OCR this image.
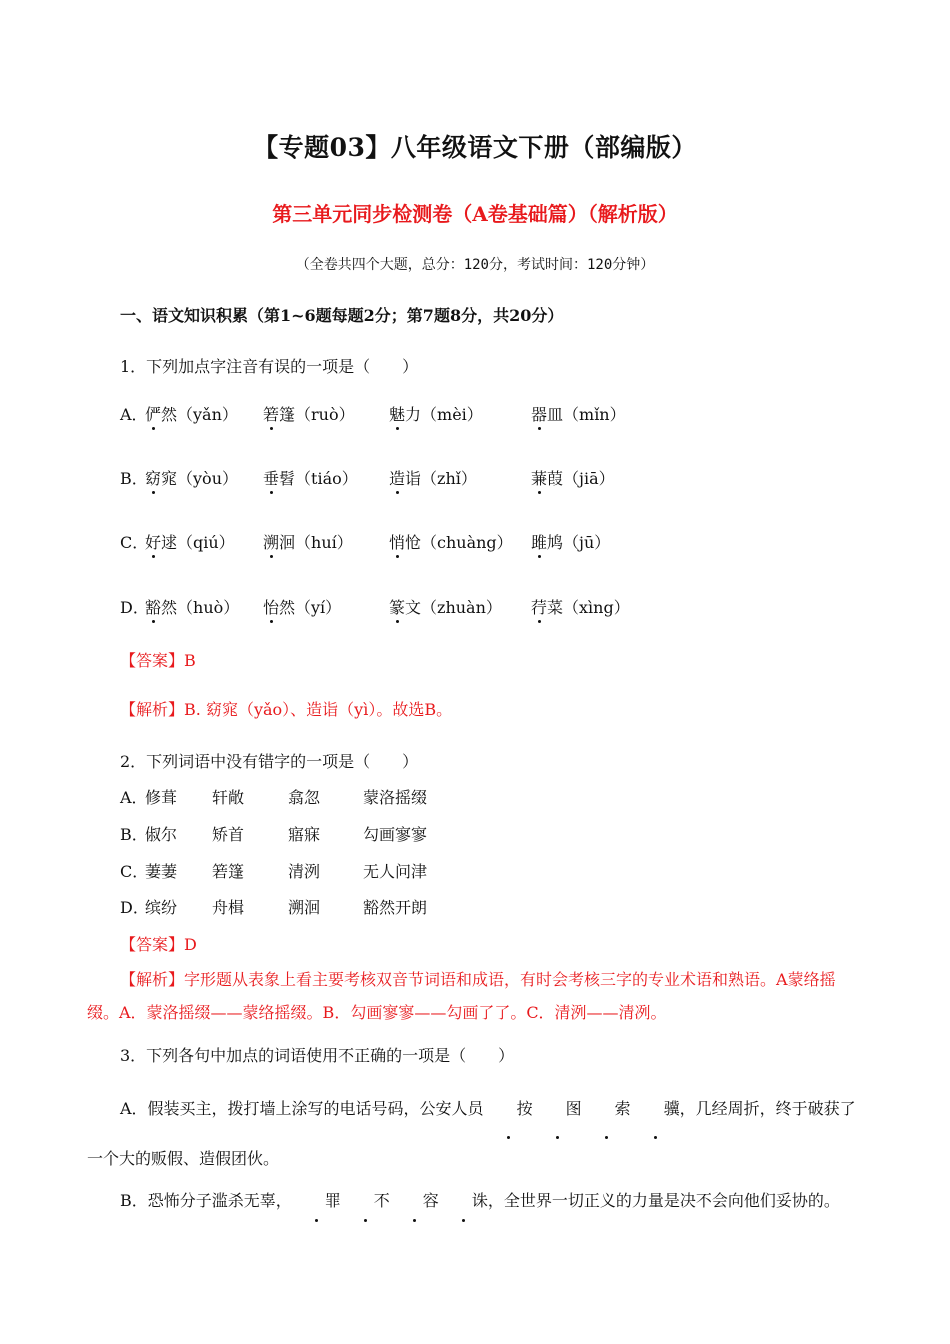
【专题03】八年级语文下册（部编版）
第三单元同步检测卷（A卷基础篇）（解析版）
（全卷共四个大题，总分：120分，考试时间：120分钟）
一、语文知识积累（第1~6题每题2分；第7题8分，共20分）
1．下列加点字注音有误的一项是（　　）
A．
俨然（yǎn） 箬篷（ruò） 魅力（mèi）	器皿（mǐn）
B．
窈窕（yòu） 垂髫（tiáo） 造诣（zhǐ）	蒹葭（jiā）
C．
好逑（qiú） 溯洄（huí） 悄怆（chuàng） 雎鸠（jū）
D．
豁然（huò） 怡然（yí）	篆文（zhuàn） 荇菜（xìng）
【答案】B
【解析】B. 窈窕（yǎo）、造诣（yì）。故选B。
2．下列词语中没有错字的一项是（　　）
A．
修葺 轩敞	翕忽	蒙洛摇缀
B．
俶尔 矫首	寤寐	勾画寥寥
C．
萋萋 箬篷	清洌	无人问津
D．
缤纷 舟楫	溯洄	豁然开朗
【答案】D
【解析】字形题从表象上看主要考核双音节词语和成语，有时会考核三字的专业术语和熟语。A蒙络摇缀。A．蒙洛摇缀——蒙络摇缀。B．勾画寥寥——勾画了了。C．清洌——清冽。
3．下列各句中加点的词语使用不正确的一项是（　　）
A．假装买主，拨打墙上涂写的电话号码，公安人员 按 图 索 骥，几经周折，终于破获了一个大的贩假、造假团伙。
B．恐怖分子滥杀无辜， 罪 不 容 诛，全世界一切正义的力量是决不会向他们妥协的。
